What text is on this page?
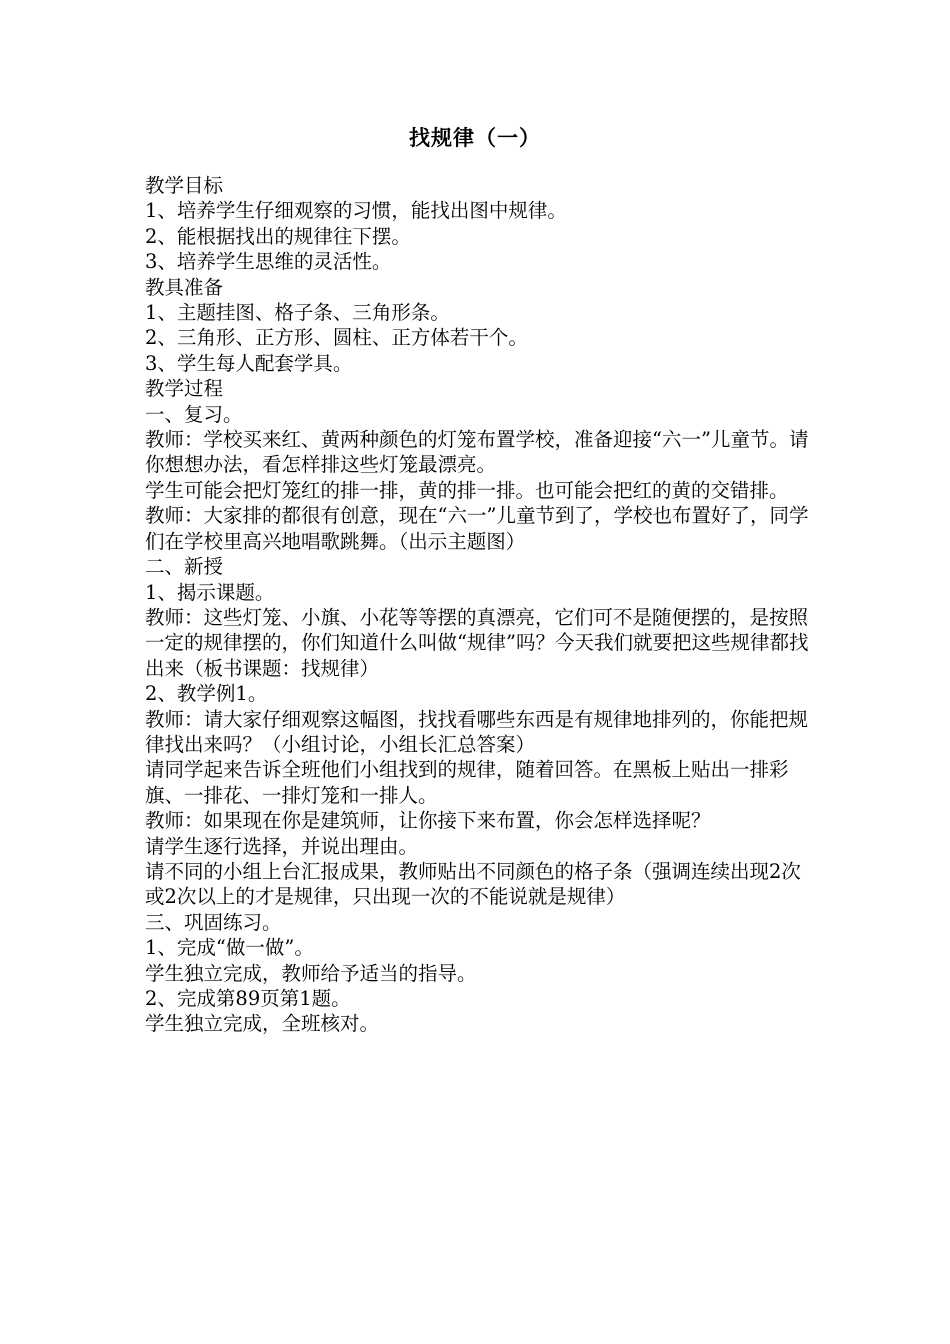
找规律（一）

教学目标

1、培养学生仔细观察的习惯，能找出图中规律。

2、能根据找出的规律往下摆。

3、培养学生思维的灵活性。

教具准备

1、主题挂图、格子条、三角形条。

2、三角形、正方形、圆柱、正方体若干个。

3、学生每人配套学具。

教学过程

一、复习。

教师：学校买来红、黄两种颜色的灯笼布置学校，准备迎接“六一”儿童节。请你想想办法，看怎样排这些灯笼最漂亮。

学生可能会把灯笼红的排一排，黄的排一排。也可能会把红的黄的交错排。

教师：大家排的都很有创意，现在“六一”儿童节到了，学校也布置好了，同学们在学校里高兴地唱歌跳舞。（出示主题图）

二、新授

1、揭示课题。

教师：这些灯笼、小旗、小花等等摆的真漂亮，它们可不是随便摆的，是按照一定的规律摆的，你们知道什么叫做“规律”吗？今天我们就要把这些规律都找出来（板书课题：找规律）

2、教学例1。

教师：请大家仔细观察这幅图，找找看哪些东西是有规律地排列的，你能把规律找出来吗？（小组讨论，小组长汇总答案）

请同学起来告诉全班他们小组找到的规律，随着回答。在黑板上贴出一排彩旗、一排花、一排灯笼和一排人。

教师：如果现在你是建筑师，让你接下来布置，你会怎样选择呢？

请学生逐行选择，并说出理由。

请不同的小组上台汇报成果，教师贴出不同颜色的格子条（强调连续出现2次或2次以上的才是规律，只出现一次的不能说就是规律）

三、巩固练习。

1、完成“做一做”。

学生独立完成，教师给予适当的指导。

2、完成第89页第1题。

学生独立完成，全班核对。
